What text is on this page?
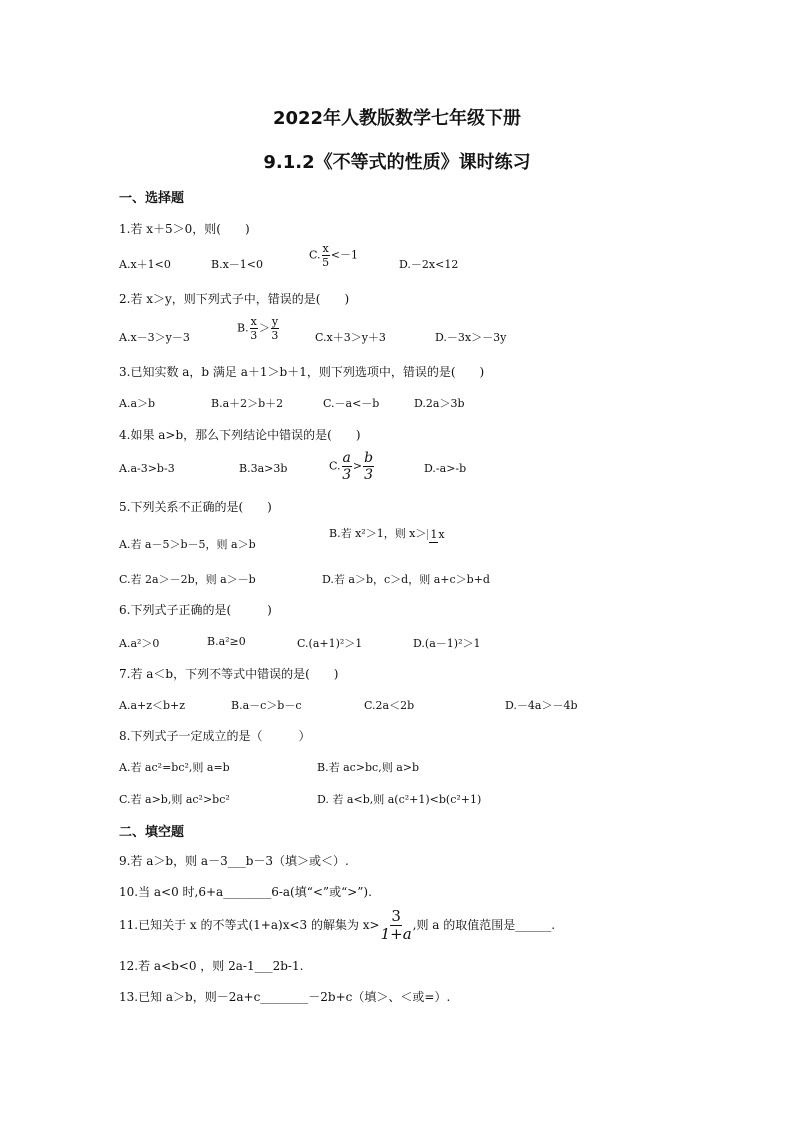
2022年人教版数学七年级下册
9.1.2《不等式的性质》课时练习
一、选择题
1.若 x＋5＞0，则(　　)
A.x＋1<0	B.x－1<0
C. $\frac{x}{5} <-1$
D.－2x<12
2.若 x＞y，则下列式子中，错误的是(　　)
A.x－3＞y－3
B. $\frac{x}{3} > \frac{y}{3}$	C.x＋3＞y＋3	D.－3x＞－3y
3.已知实数 a，b 满足 a＋1＞b＋1，则下列选项中，错误的是(　　)
A.a＞b	B.a＋2＞b＋2	C.－a<－b	D.2a＞3b
4.如果 a>b，那么下列结论中错误的是(　　)
A.a-3>b-3	B.3a>3b	C. $\frac{a}{3} > \frac{b}{3}$	D.-a>-b
5.下列关系不正确的是(　　)
A.若 a－5＞b－5，则 a＞b
B.若 x²＞1，则 x＞ 1x
C.若 2a＞－2b，则 a＞－b	D.若 a＞b，c＞d，则 a+c＞b+d
6.下列式子正确的是(　　　)
A.a²＞0	B.a²≥0	C.(a+1)²＞1	D.(a－1)²＞1
7.若 a＜b，下列不等式中错误的是(　　)
A.a+z＜b+z	B.a－c＞b－c	C.2a＜2b	D.－4a＞－4b
8.下列式子一定成立的是（　　　）
A.若 ac²=bc²,则 a=b	B.若 ac>bc,则 a>b
C.若 a>b,则 ac²>bc²	D. 若 a<b,则 a(c²+1)<b(c²+1)
二、填空题
9.若 a＞b，则 a－3___b－3（填＞或＜）.
10.当 a<0 时,6+a________6-a(填“<”或“>”).
11.已知关于 x 的不等式(1+a)x<3 的解集为 $x> \frac{3}{1+a}$ ,则 a 的取值范围是______.
12.若 a<b<0 ，则 2a-1___2b-1.
13.已知 a＞b，则－2a+c________－2b+c（填＞、＜或=）.
